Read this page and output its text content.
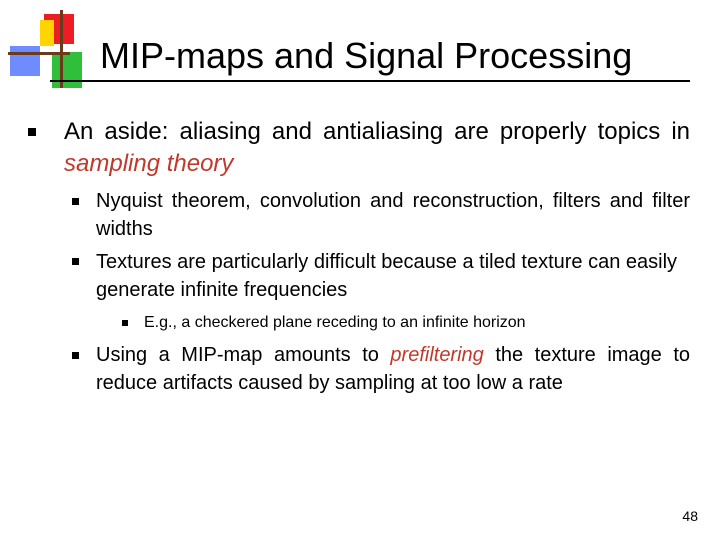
MIP-maps and Signal Processing
An aside: aliasing and antialiasing are properly topics in sampling theory
Nyquist theorem, convolution and reconstruction, filters and filter widths
Textures are particularly difficult because a tiled texture can easily generate infinite frequencies
E.g., a checkered plane receding to an infinite horizon
Using a MIP-map amounts to prefiltering the texture image to reduce artifacts caused by sampling at too low a rate
48
